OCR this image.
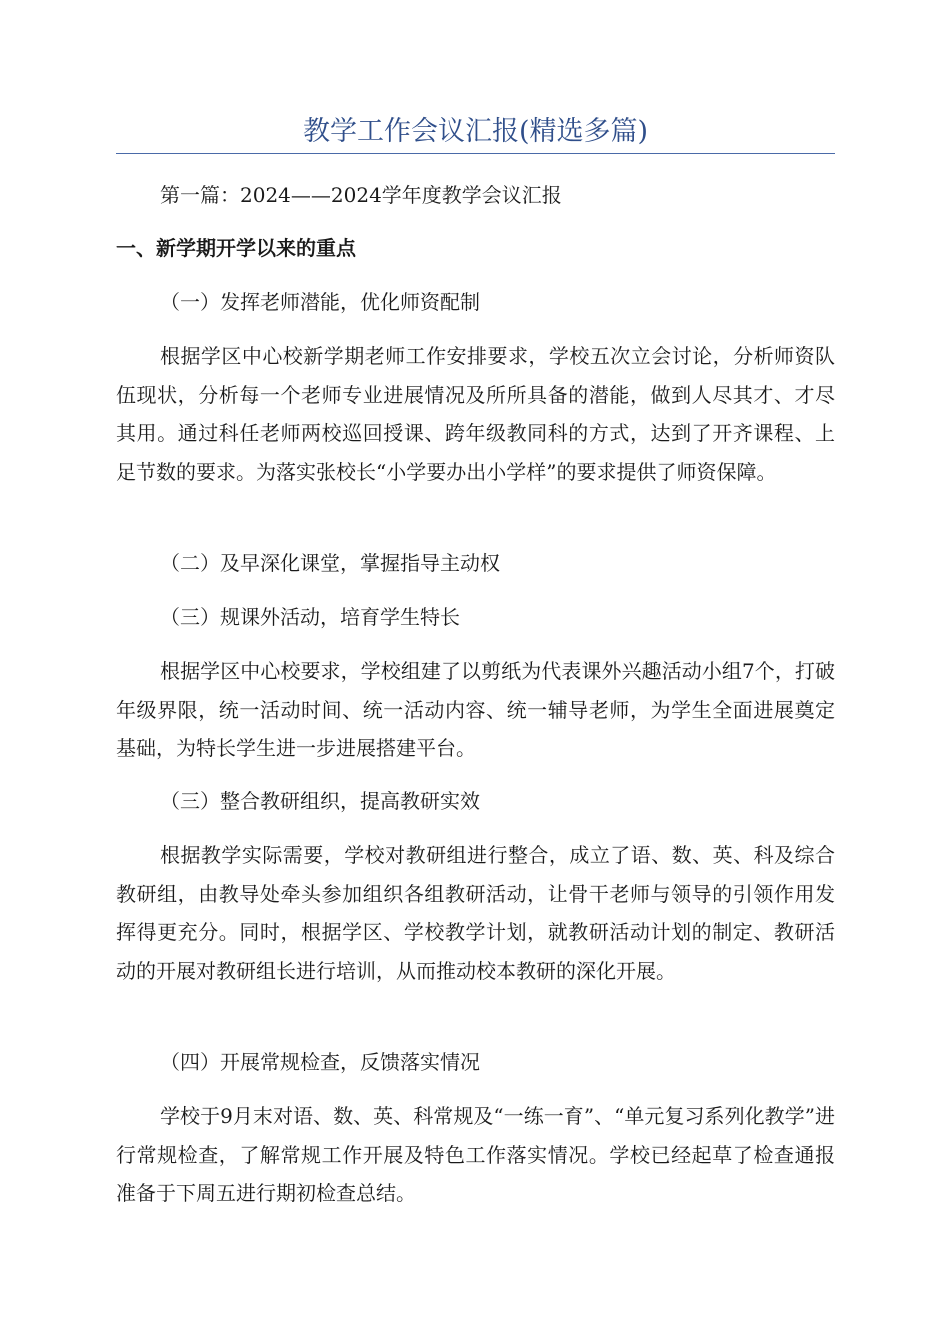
教学工作会议汇报(精选多篇)

第一篇：2024——2024学年度教学会议汇报

一、新学期开学以来的重点

（一）发挥老师潜能，优化师资配制

根据学区中心校新学期老师工作安排要求，学校五次立会讨论，分析师资队伍现状，分析每一个老师专业进展情况及所所具备的潜能，做到人尽其才、才尽其用。通过科任老师两校巡回授课、跨年级教同科的方式，达到了开齐课程、上足节数的要求。为落实张校长“小学要办出小学样”的要求提供了师资保障。

（二）及早深化课堂，掌握指导主动权

（三）规课外活动，培育学生特长

根据学区中心校要求，学校组建了以剪纸为代表课外兴趣活动小组7个，打破年级界限，统一活动时间、统一活动内容、统一辅导老师，为学生全面进展奠定基础，为特长学生进一步进展搭建平台。

（三）整合教研组织，提高教研实效

根据教学实际需要，学校对教研组进行整合，成立了语、数、英、科及综合教研组，由教导处牵头参加组织各组教研活动，让骨干老师与领导的引领作用发挥得更充分。同时，根据学区、学校教学计划，就教研活动计划的制定、教研活动的开展对教研组长进行培训，从而推动校本教研的深化开展。

（四）开展常规检查，反馈落实情况

学校于9月末对语、数、英、科常规及“一练一育”、“单元复习系列化教学”进行常规检查，了解常规工作开展及特色工作落实情况。学校已经起草了检查通报准备于下周五进行期初检查总结。
